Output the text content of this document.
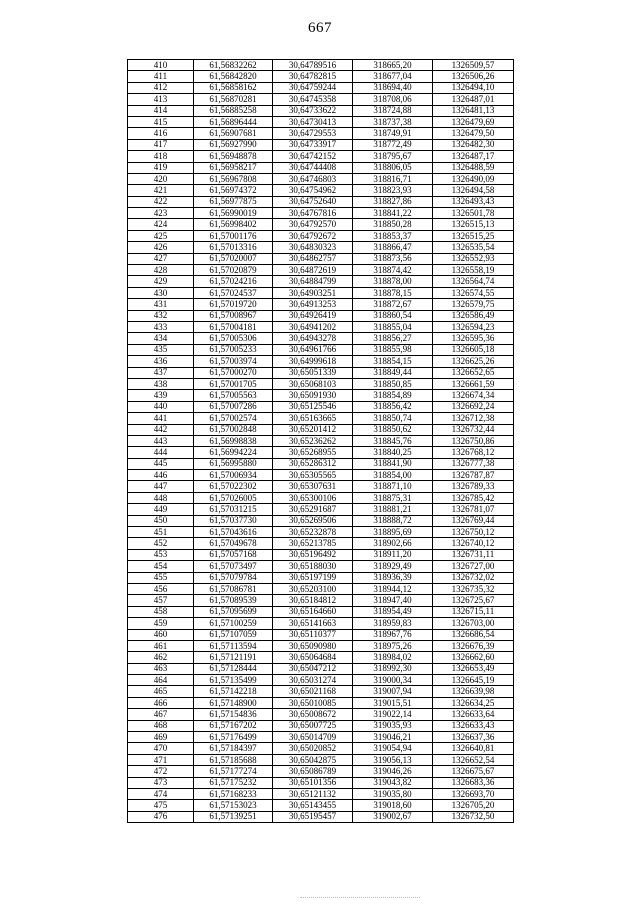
667
410	61,56832262	30,64789516	318665,20	1326509,57
411	61,56842820	30,64782815	318677,04	1326506,26
412	61,56858162	30,64759244	318694,40	1326494,10
413	61,56870281	30,64745358	318708,06	1326487,01
414	61,56885258	30,64733622	318724,88	1326481,13
415	61,56896444	30,64730413	318737,38	1326479,69
416	61,56907681	30,64729553	318749,91	1326479,50
417	61,56927990	30,64733917	318772,49	1326482,30
418	61,56948878	30,64742152	318795,67	1326487,17
419	61,56958217	30,64744408	318806,05	1326488,59
420	61,56967808	30,64746803	318816,71	1326490,09
421	61,56974372	30,64754962	318823,93	1326494,58
422	61,56977875	30,64752640	318827,86	1326493,43
423	61,56990019	30,64767816	318841,22	1326501,78
424	61,56998402	30,64792570	318850,28	1326515,13
425	61,57001176	30,64792672	318853,37	1326515,25
426	61,57013316	30,64830323	318866,47	1326535,54
427	61,57020007	30,64862757	318873,56	1326552,93
428	61,57020879	30,64872619	318874,42	1326558,19
429	61,57024216	30,64884799	318878,00	1326564,74
430	61,57024537	30,64903251	318878,15	1326574,55
431	61,57019720	30,64913253	318872,67	1326579,75
432	61,57008967	30,64926419	318860,54	1326586,49
433	61,57004181	30,64941202	318855,04	1326594,23
434	61,57005306	30,64943278	318856,27	1326595,36
435	61,57005233	30,64961766	318855,98	1326605,18
436	61,57003974	30,64999618	318854,15	1326625,26
437	61,57000270	30,65051339	318849,44	1326652,65
438	61,57001705	30,65068103	318850,85	1326661,59
439	61,57005563	30,65091930	318854,89	1326674,34
440	61,57007286	30,65125546	318856,42	1326692,24
441	61,57002574	30,65163665	318850,74	1326712,38
442	61,57002848	30,65201412	318850,62	1326732,44
443	61,56998838	30,65236262	318845,76	1326750,86
444	61,56994224	30,65268955	318840,25	1326768,12
445	61,56995880	30,65286312	318841,90	1326777,38
446	61,57006934	30,65305565	318854,00	1326787,87
447	61,57022302	30,65307631	318871,10	1326789,33
448	61,57026005	30,65300106	318875,31	1326785,42
449	61,57031215	30,65291687	318881,21	1326781,07
450	61,57037730	30,65269506	318888,72	1326769,44
451	61,57043616	30,65232878	318895,69	1326750,12
452	61,57049678	30,65213785	318902,66	1326740,12
453	61,57057168	30,65196492	318911,20	1326731,11
454	61,57073497	30,65188030	318929,49	1326727,00
455	61,57079784	30,65197199	318936,39	1326732,02
456	61,57086781	30,65203100	318944,12	1326735,32
457	61,57089539	30,65184812	318947,40	1326725,67
458	61,57095699	30,65164660	318954,49	1326715,11
459	61,57100259	30,65141663	318959,83	1326703,00
460	61,57107059	30,65110377	318967,76	1326686,54
461	61,57113594	30,65090980	318975,26	1326676,39
462	61,57121191	30,65064684	318984,02	1326662,60
463	61,57128444	30,65047212	318992,30	1326653,49
464	61,57135499	30,65031274	319000,34	1326645,19
465	61,57142218	30,65021168	319007,94	1326639,98
466	61,57148900	30,65010085	319015,51	1326634,25
467	61,57154836	30,65008672	319022,14	1326633,64
468	61,57167202	30,65007725	319035,93	1326633,43
469	61,57176499	30,65014709	319046,21	1326637,36
470	61,57184397	30,65020852	319054,94	1326640,81
471	61,57185688	30,65042875	319056,13	1326652,54
472	61,57177274	30,65086789	319046,26	1326675,67
473	61,57175232	30,65101356	319043,82	1326683,36
474	61,57168233	30,65121132	319035,80	1326693,70
475	61,57153023	30,65143455	319018,60	1326705,20
476	61,57139251	30,65195457	319002,67	1326732,50
